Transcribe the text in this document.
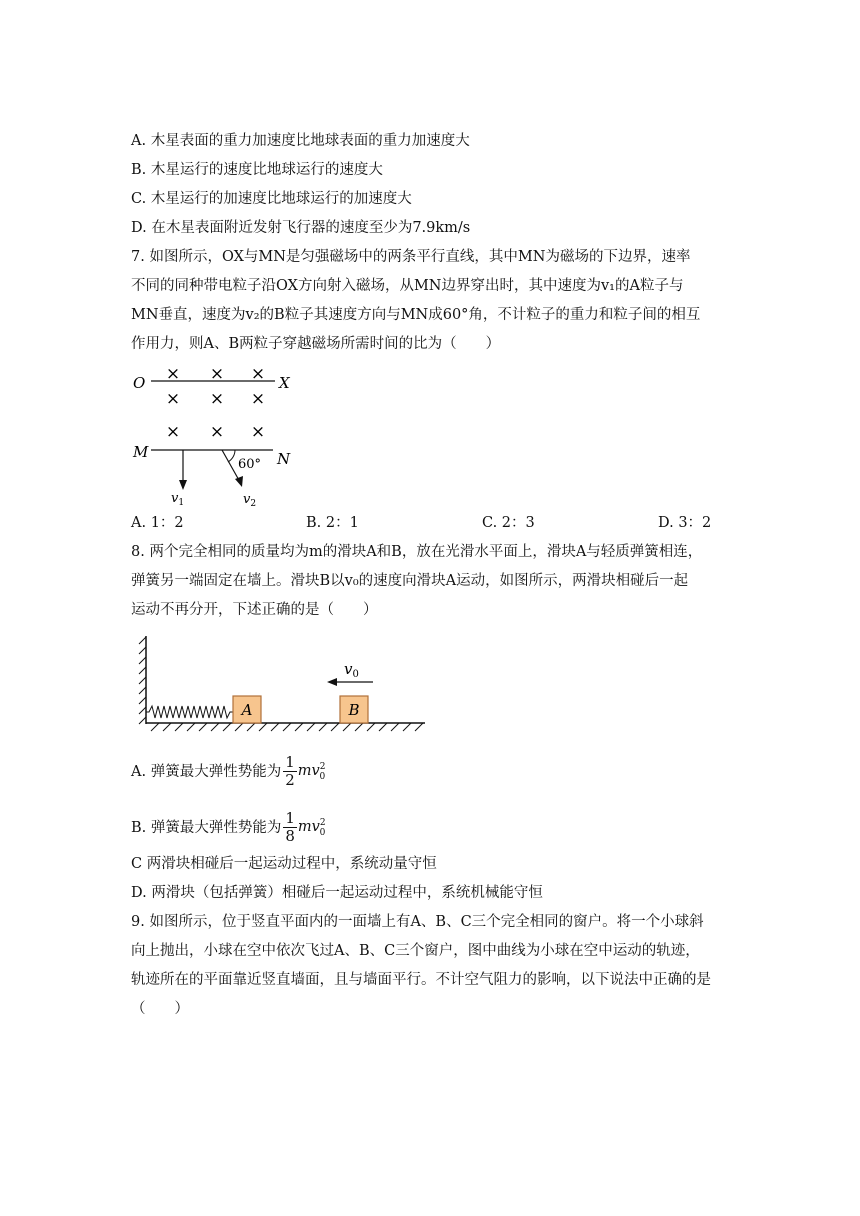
A. 木星表面的重力加速度比地球表面的重力加速度大
B. 木星运行的速度比地球运行的速度大
C. 木星运行的加速度比地球运行的加速度大
D. 在木星表面附近发射飞行器的速度至少为7.9km/s
7. 如图所示，OX与MN是匀强磁场中的两条平行直线，其中MN为磁场的下边界，速率
不同的同种带电粒子沿OX方向射入磁场，从MN边界穿出时，其中速度为v₁的A粒子与
MN垂直，速度为v₂的B粒子其速度方向与MN成60°角，不计粒子的重力和粒子间的相互
作用力，则A、B两粒子穿越磁场所需时间的比为（　　）
O	X
× × ×
× × ×
× × ×
M	N
$v_1$
60°
$v_2$
A. 1：2	B. 2：1	C. 2：3	D. 3：2
8. 两个完全相同的质量均为m的滑块A和B，放在光滑水平面上，滑块A与轻质弹簧相连，
弹簧另一端固定在墙上。滑块B以v₀的速度向滑块A运动，如图所示，两滑块相碰后一起
运动不再分开，下述正确的是（　　）
A	B
$v_0$
A. 弹簧最大弹性势能为 $\frac{1}{2} mv^2_0$
B. 弹簧最大弹性势能为 $\frac{1}{8} mv^2_0$
C 两滑块相碰后一起运动过程中，系统动量守恒
D. 两滑块（包括弹簧）相碰后一起运动过程中，系统机械能守恒
9. 如图所示，位于竖直平面内的一面墙上有A、B、C三个完全相同的窗户。将一个小球斜
向上抛出，小球在空中依次飞过A、B、C三个窗户，图中曲线为小球在空中运动的轨迹，
轨迹所在的平面靠近竖直墙面，且与墙面平行。不计空气阻力的影响，以下说法中正确的是
（　　）
